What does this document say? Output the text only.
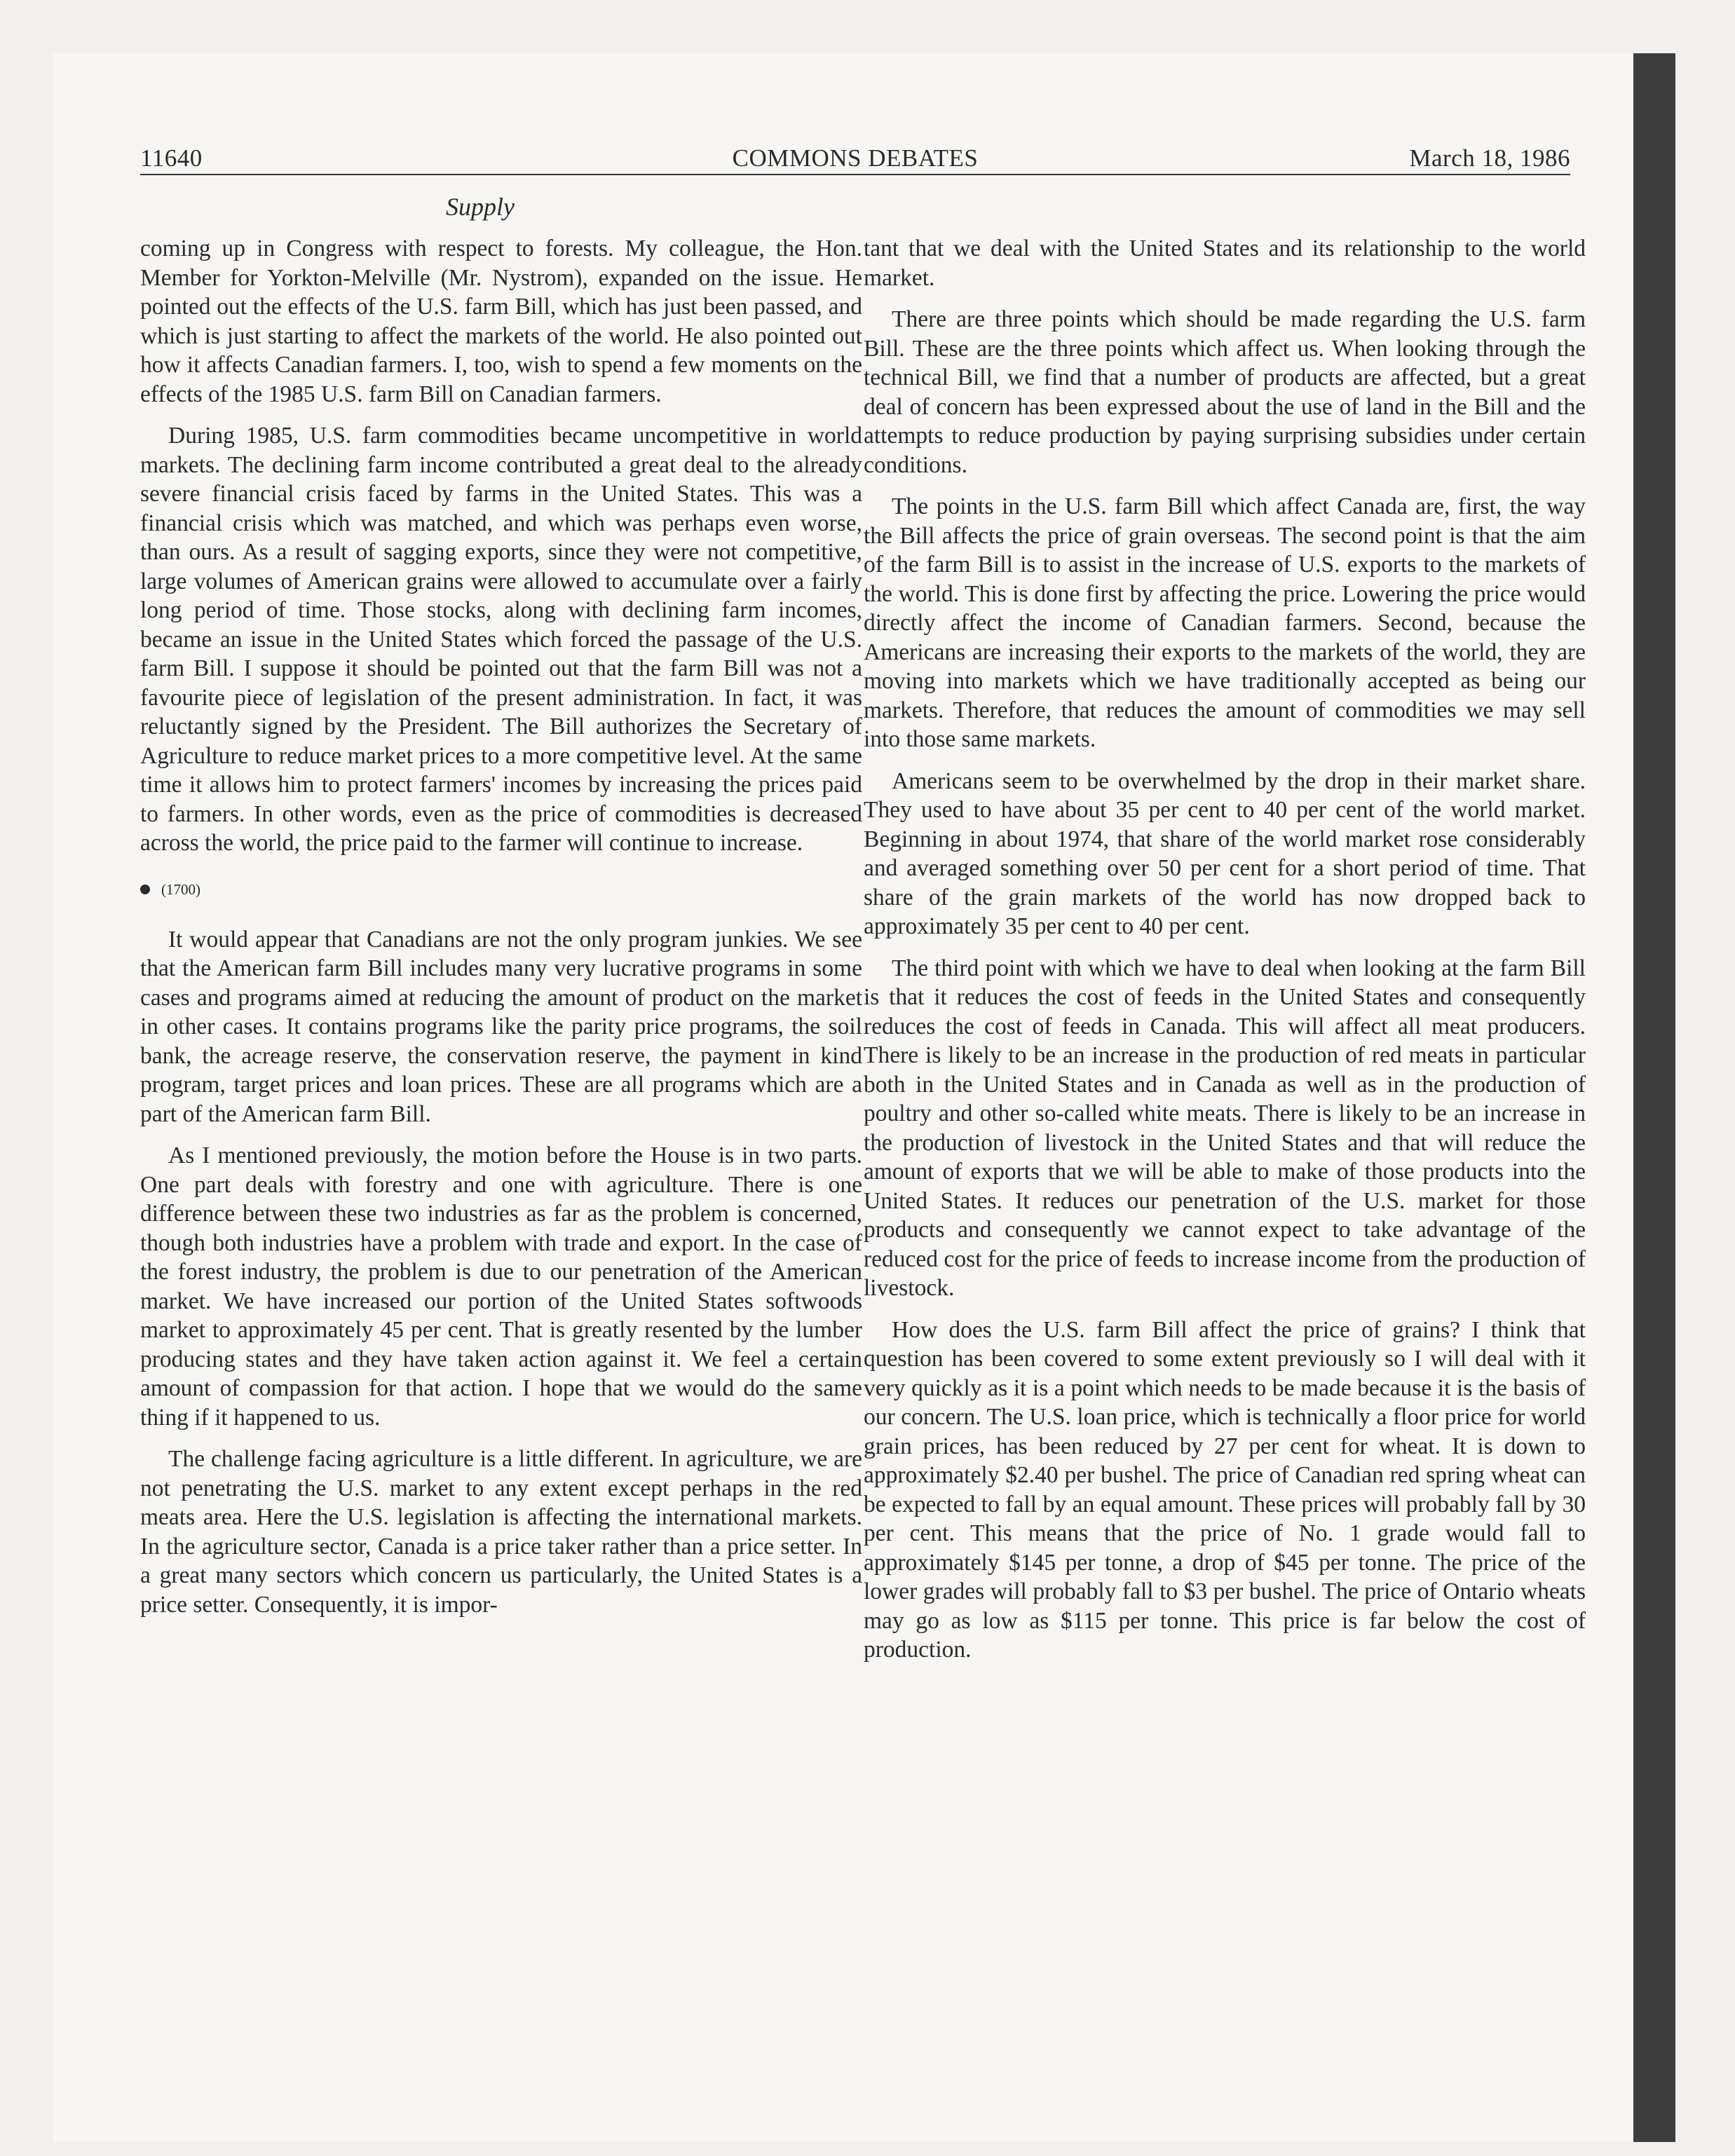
11640	COMMONS DEBATES	March 18, 1986
Supply

coming up in Congress with respect to forests. My colleague, the Hon. Member for Yorkton-Melville (Mr. Nystrom), expanded on the issue. He pointed out the effects of the U.S. farm Bill, which has just been passed, and which is just starting to affect the markets of the world. He also pointed out how it affects Canadian farmers. I, too, wish to spend a few moments on the effects of the 1985 U.S. farm Bill on Canadian farmers.

During 1985, U.S. farm commodities became uncompetitive in world markets. The declining farm income contributed a great deal to the already severe financial crisis faced by farms in the United States. This was a financial crisis which was matched, and which was perhaps even worse, than ours. As a result of sagging exports, since they were not competitive, large volumes of American grains were allowed to accumulate over a fairly long period of time. Those stocks, along with declining farm incomes, became an issue in the United States which forced the passage of the U.S. farm Bill. I suppose it should be pointed out that the farm Bill was not a favourite piece of legislation of the present administration. In fact, it was reluctantly signed by the President. The Bill authorizes the Secretary of Agriculture to reduce market prices to a more competitive level. At the same time it allows him to protect farmers' incomes by increasing the prices paid to farmers. In other words, even as the price of commodities is decreased across the world, the price paid to the farmer will continue to increase.

(1700)

It would appear that Canadians are not the only program junkies. We see that the American farm Bill includes many very lucrative programs in some cases and programs aimed at reducing the amount of product on the market in other cases. It contains programs like the parity price programs, the soil bank, the acreage reserve, the conservation reserve, the payment in kind program, target prices and loan prices. These are all programs which are a part of the American farm Bill.

As I mentioned previously, the motion before the House is in two parts. One part deals with forestry and one with agriculture. There is one difference between these two industries as far as the problem is concerned, though both industries have a problem with trade and export. In the case of the forest industry, the problem is due to our penetration of the American market. We have increased our portion of the United States softwoods market to approximately 45 per cent. That is greatly resented by the lumber producing states and they have taken action against it. We feel a certain amount of compassion for that action. I hope that we would do the same thing if it happened to us.

The challenge facing agriculture is a little different. In agriculture, we are not penetrating the U.S. market to any extent except perhaps in the red meats area. Here the U.S. legislation is affecting the international markets. In the agriculture sector, Canada is a price taker rather than a price setter. In a great many sectors which concern us particularly, the United States is a price setter. Consequently, it is impor-

tant that we deal with the United States and its relationship to the world market.

There are three points which should be made regarding the U.S. farm Bill. These are the three points which affect us. When looking through the technical Bill, we find that a number of products are affected, but a great deal of concern has been expressed about the use of land in the Bill and the attempts to reduce production by paying surprising subsidies under certain conditions.

The points in the U.S. farm Bill which affect Canada are, first, the way the Bill affects the price of grain overseas. The second point is that the aim of the farm Bill is to assist in the increase of U.S. exports to the markets of the world. This is done first by affecting the price. Lowering the price would directly affect the income of Canadian farmers. Second, because the Americans are increasing their exports to the markets of the world, they are moving into markets which we have traditionally accepted as being our markets. Therefore, that reduces the amount of commodities we may sell into those same markets.

Americans seem to be overwhelmed by the drop in their market share. They used to have about 35 per cent to 40 per cent of the world market. Beginning in about 1974, that share of the world market rose considerably and averaged something over 50 per cent for a short period of time. That share of the grain markets of the world has now dropped back to approximately 35 per cent to 40 per cent.

The third point with which we have to deal when looking at the farm Bill is that it reduces the cost of feeds in the United States and consequently reduces the cost of feeds in Canada. This will affect all meat producers. There is likely to be an increase in the production of red meats in particular both in the United States and in Canada as well as in the production of poultry and other so-called white meats. There is likely to be an increase in the production of livestock in the United States and that will reduce the amount of exports that we will be able to make of those products into the United States. It reduces our penetration of the U.S. market for those products and consequently we cannot expect to take advantage of the reduced cost for the price of feeds to increase income from the production of livestock.

How does the U.S. farm Bill affect the price of grains? I think that question has been covered to some extent previously so I will deal with it very quickly as it is a point which needs to be made because it is the basis of our concern. The U.S. loan price, which is technically a floor price for world grain prices, has been reduced by 27 per cent for wheat. It is down to approximately $2.40 per bushel. The price of Canadian red spring wheat can be expected to fall by an equal amount. These prices will probably fall by 30 per cent. This means that the price of No. 1 grade would fall to approximately $145 per tonne, a drop of $45 per tonne. The price of the lower grades will probably fall to $3 per bushel. The price of Ontario wheats may go as low as $115 per tonne. This price is far below the cost of production.
